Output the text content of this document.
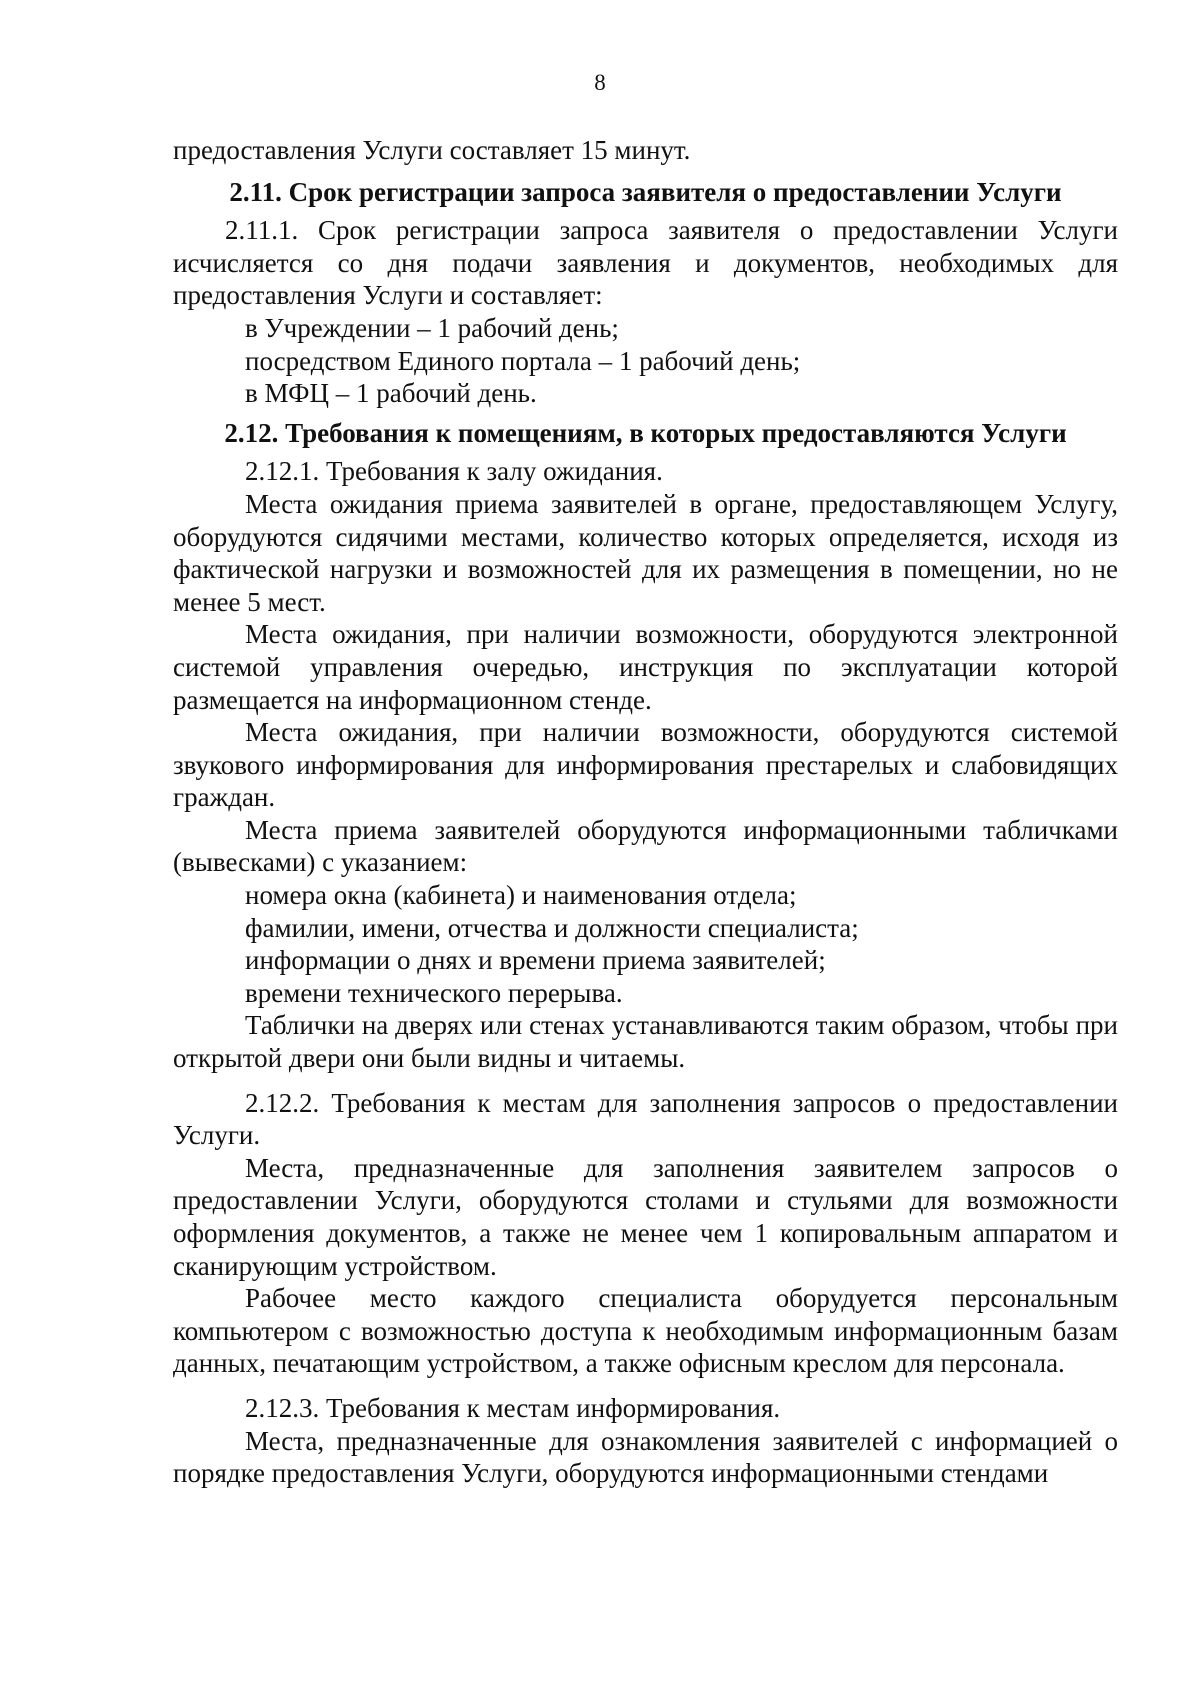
8

предоставления Услуги составляет 15 минут.

2.11. Срок регистрации запроса заявителя о предоставлении Услуги

2.11.1. Срок регистрации запроса заявителя о предоставлении Услуги исчисляется со дня подачи заявления и документов, необходимых для предоставления Услуги и составляет:

в Учреждении – 1 рабочий день;

посредством Единого портала – 1 рабочий день;

в МФЦ – 1 рабочий день.

2.12. Требования к помещениям, в которых предоставляются Услуги

2.12.1. Требования к залу ожидания.

Места ожидания приема заявителей в органе, предоставляющем Услугу, оборудуются сидячими местами, количество которых определяется, исходя из фактической нагрузки и возможностей для их размещения в помещении, но не менее 5 мест.

Места ожидания, при наличии возможности, оборудуются электронной системой управления очередью, инструкция по эксплуатации которой размещается на информационном стенде.

Места ожидания, при наличии возможности, оборудуются системой звукового информирования для информирования престарелых и слабовидящих граждан.

Места приема заявителей оборудуются информационными табличками (вывесками) с указанием:

номера окна (кабинета) и наименования отдела;

фамилии, имени, отчества и должности специалиста;

информации о днях и времени приема заявителей;

времени технического перерыва.

Таблички на дверях или стенах устанавливаются таким образом, чтобы при открытой двери они были видны и читаемы.

2.12.2. Требования к местам для заполнения запросов о предоставлении Услуги.

Места, предназначенные для заполнения заявителем запросов о предоставлении Услуги, оборудуются столами и стульями для возможности оформления документов, а также не менее чем 1 копировальным аппаратом и сканирующим устройством.

Рабочее место каждого специалиста оборудуется персональным компьютером с возможностью доступа к необходимым информационным базам данных, печатающим устройством, а также офисным креслом для персонала.

2.12.3. Требования к местам информирования.

Места, предназначенные для ознакомления заявителей с информацией о порядке предоставления Услуги, оборудуются информационными стендами
